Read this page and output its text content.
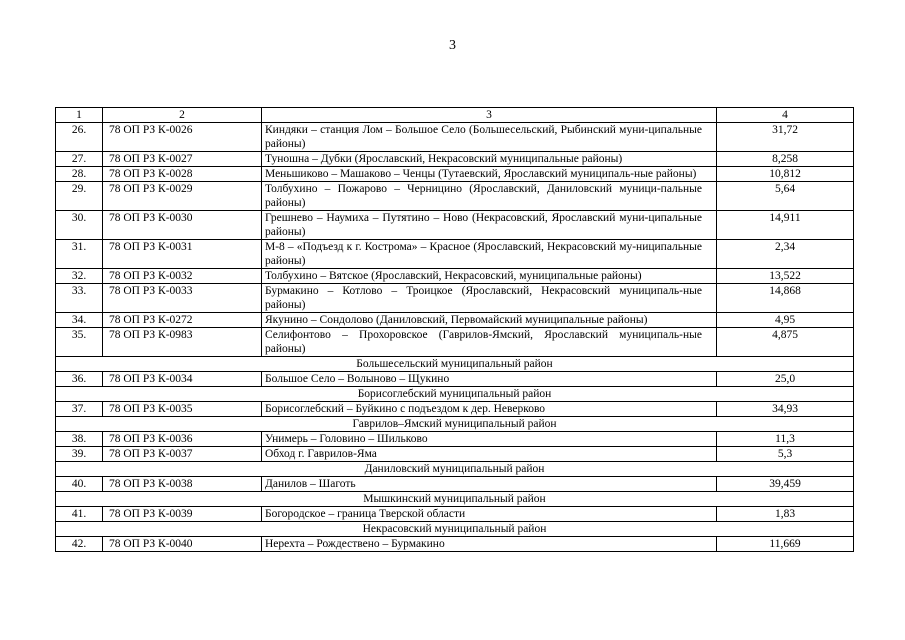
3
1	2	3	4
26.	78 ОП РЗ К-0026	Киндяки – станция Лом – Большое Село (Большесельский, Рыбинский муни-ципальные районы)	31,72
27.	78 ОП РЗ К-0027	Туношна – Дубки (Ярославский, Некрасовский муниципальные районы)	8,258
28.	78 ОП РЗ К-0028	Меньшиково – Машаково – Ченцы (Тутаевский, Ярославский муниципаль-ные районы)	10,812
29.	78 ОП РЗ К-0029	Толбухино – Пожарово – Черницино (Ярославский, Даниловский муници-пальные районы)	5,64
30.	78 ОП РЗ К-0030	Грешнево – Наумиха – Путятино – Ново (Некрасовский, Ярославский муни-ципальные районы)	14,911
31.	78 ОП РЗ К-0031	М-8 – «Подъезд к г. Кострома» – Красное (Ярославский, Некрасовский му-ниципальные районы)	2,34
32.	78 ОП РЗ К-0032	Толбухино – Вятское (Ярославский, Некрасовский, муниципальные районы)	13,522
33.	78 ОП РЗ К-0033	Бурмакино – Котлово – Троицкое (Ярославский, Некрасовский муниципаль-ные районы)	14,868
34.	78 ОП РЗ К-0272	Якунино – Сондолово (Даниловский, Первомайский муниципальные районы)	4,95
35.	78 ОП РЗ К-0983	Селифонтово – Прохоровское (Гаврилов-Ямский, Ярославский муниципаль-ные районы)	4,875
Большесельский муниципальный район			
36.	78 ОП РЗ К-0034	Большое Село – Волыново – Щукино	25,0
Борисоглебский муниципальный район			
37.	78 ОП РЗ К-0035	Борисоглебский – Буйкино с подъездом к дер. Неверково	34,93
Гаврилов–Ямский муниципальный район			
38.	78 ОП РЗ К-0036	Унимерь – Головино – Шильково	11,3
39.	78 ОП РЗ К-0037	Обход г. Гаврилов-Яма	5,3
Даниловский муниципальный район			
40.	78 ОП РЗ К-0038	Данилов – Шаготь	39,459
Мышкинский муниципальный район			
41.	78 ОП РЗ К-0039	Богородское – граница Тверской области	1,83
Некрасовский муниципальный район			
42.	78 ОП РЗ К-0040	Нерехта – Рождествено – Бурмакино	11,669
